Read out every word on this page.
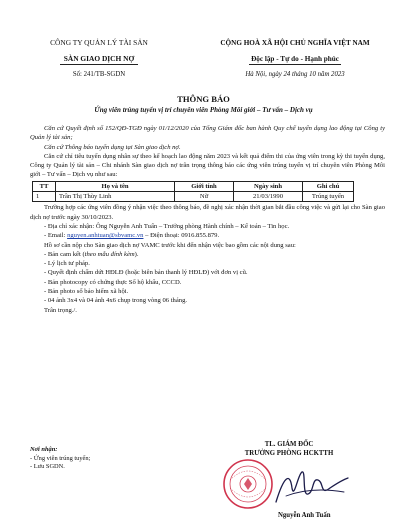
CÔNG TY QUẢN LÝ TÀI SẢN
SÀN GIAO DỊCH NỢ
Số: 241/TB-SGDN
CỘNG HOÀ XÃ HỘI CHỦ NGHĨA VIỆT NAM
Độc lập - Tự do - Hạnh phúc
Hà Nội, ngày 24 tháng 10 năm 2023
THÔNG BÁO
Ứng viên trúng tuyển vị trí chuyên viên Phòng Môi giới – Tư vấn – Dịch vụ

Căn cứ Quyết định số 152/QĐ-TGĐ ngày 01/12/2020 của Tổng Giám đốc ban hành Quy chế tuyển dụng lao động tại Công ty Quản lý tài sản;

Căn cứ Thông báo tuyển dụng tại Sàn giao dịch nợ.

Căn cứ chỉ tiêu tuyển dụng nhân sự theo kế hoạch lao động năm 2023 và kết quả điểm thi của ứng viên trong kỳ thi tuyển dụng, Công ty Quản lý tài sản – Chi nhánh Sàn giao dịch nợ trân trọng thông báo các ứng viên trúng tuyển vị trí chuyên viên Phòng Môi giới – Tư vấn – Dịch vụ như sau:

TT	Họ và tên	Giới tính	Ngày sinh	Ghi chú
1	Trần Thị Thùy Linh	Nữ	21/03/1990	Trúng tuyển

Trường hợp các ứng viên đồng ý nhận việc theo thông báo, đề nghị xác nhận thời gian bắt đầu công việc và gửi lại cho Sàn giao dịch nợ trước ngày 30/10/2023.

- Địa chỉ xác nhận: Ông Nguyễn Anh Tuấn – Trưởng phòng Hành chính – Kế toán – Tin học.

- Email: nguyen.anhtuan@sbvamc.vn – Điện thoại: 0916.855.879.

Hồ sơ cần nộp cho Sàn giao dịch nợ VAMC trước khi đến nhận việc bao gồm các nội dung sau:

- Bản cam kết (theo mẫu đính kèm).

- Lý lịch tư pháp.

- Quyết định chấm dứt HĐLĐ (hoặc biên bản thanh lý HĐLĐ) với đơn vị cũ.

- Bản photocopy có chứng thực Sổ hộ khẩu, CCCD.

- Bản photo sổ bảo hiểm xã hội.

- 04 ảnh 3x4 và 04 ảnh 4x6 chụp trong vòng 06 tháng.

Trân trọng./.

Nơi nhận:
- Ứng viên trúng tuyển;
- Lưu SGDN.
TL. GIÁM ĐỐC
TRƯỞNG PHÒNG HCKTTH
Nguyễn Anh Tuấn
